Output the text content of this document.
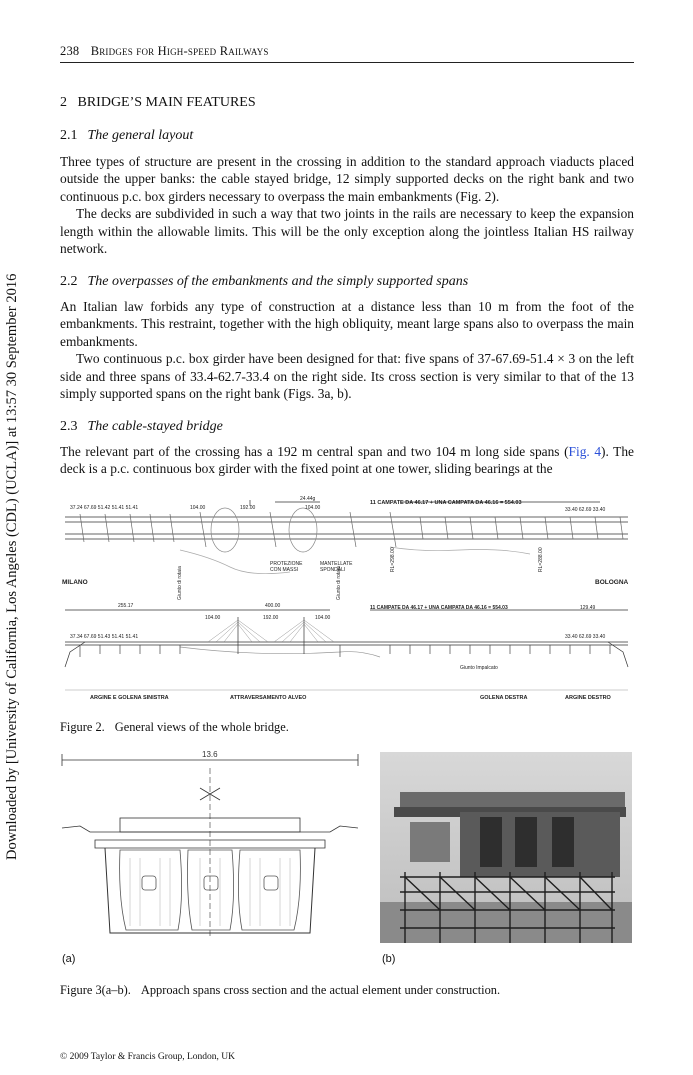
238 Bridges for High-speed Railways
Downloaded by [University of California, Los Angeles (CDL) (UCLA)] at 13:57 30 September 2016
2 BRIDGE’S MAIN FEATURES
2.1 The general layout

Three types of structure are present in the crossing in addition to the standard approach viaducts placed outside the upper banks: the cable stayed bridge, 12 simply supported decks on the right bank and two continuous p.c. box girders necessary to overpass the main embankments (Fig. 2).

The decks are subdivided in such a way that two joints in the rails are necessary to keep the expansion length within the allowable limits. This will be the only exception along the jointless Italian HS railway network.

2.2 The overpasses of the embankments and the simply supported spans

An Italian law forbids any type of construction at a distance less than 10 m from the foot of the embankments. This restraint, together with the high obliquity, meant large spans also to overpass the main embankments.

Two continuous p.c. box girder have been designed for that: five spans of 37-67.69-51.4 × 3 on the left side and three spans of 33.4-62.7-33.4 on the right side. Its cross section is very similar to that of the 13 simply supported spans on the right bank (Figs. 3a, b).

2.3 The cable-stayed bridge

The relevant part of the crossing has a 192 m central span and two 104 m long side spans (Fig. 4). The deck is a p.c. continuous box girder with the fixed point at one tower, sliding bearings at the

37.24 67.69 51.42 51.41 51.41	104.00	192.00	104.00
24.44g
11 CAMPATE DA 46.17 + UNA CAMPATA DA 46.16 = 554.03
33.40 62.69 33.40
PROTEZIONE
CON MASSI
MANTELLATE
SPONDALI	RL=298.00	RL=288.00
MILANO	BOLOGNA
255.17	400.00
104.00	192.00	104.00
11 CAMPATE DA 46.17 + UNA CAMPATA DA 46.16 = 554.03	129.49
37.34 67.69 51.43 51.41 51.41	33.40 62.69 33.40
Giunto di rotaia	Giunto di rotaia
Giunto Impalcato
ARGINE E GOLENA SINISTRA	ATTRAVERSAMENTO ALVEO	GOLENA DESTRA	ARGINE DESTRO
Figure 2. General views of the whole bridge.
13.6
(a)	(b)
Figure 3(a–b). Approach spans cross section and the actual element under construction.
© 2009 Taylor & Francis Group, London, UK
